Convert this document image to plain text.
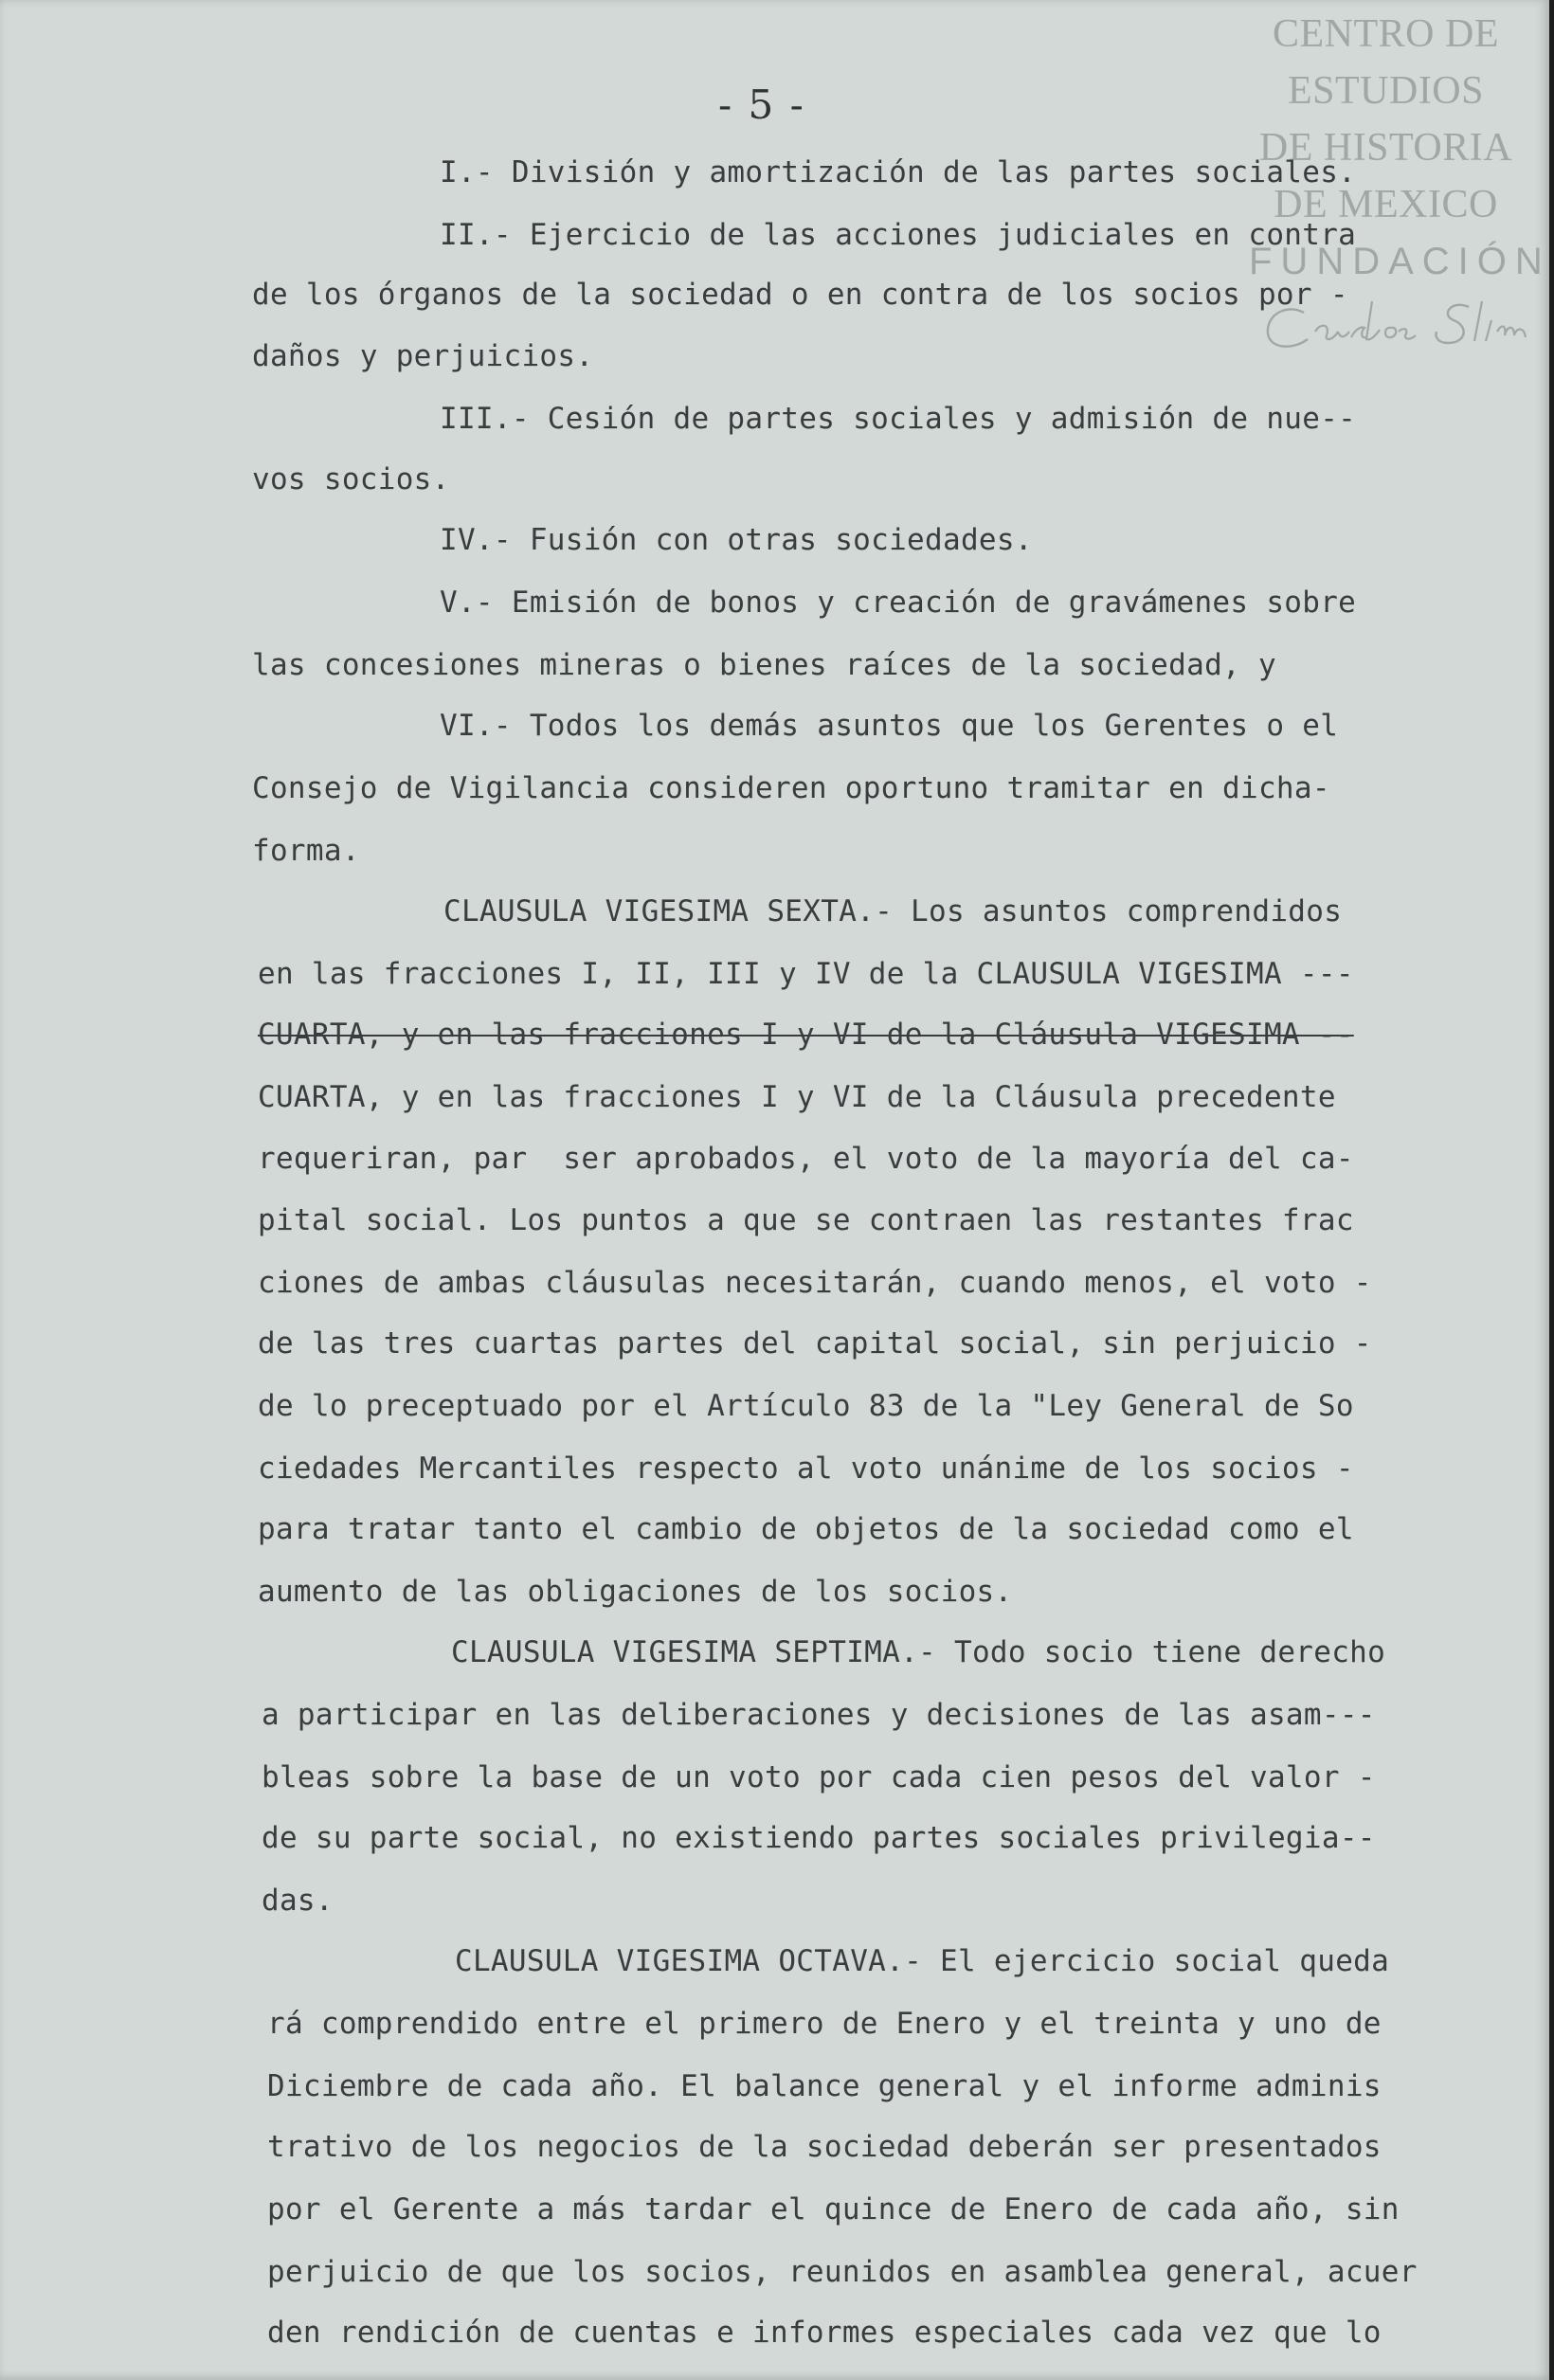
- 5 -
CENTRO DE
ESTUDIOS
DE HISTORIA
DE MEXICO
FUNDACIÓN
I.- División y amortización de las partes sociales.
II.- Ejercicio de las acciones judiciales en contra
de los órganos de la sociedad o en contra de los socios por -
daños y perjuicios.
III.- Cesión de partes sociales y admisión de nue--
vos socios.
IV.- Fusión con otras sociedades.
V.- Emisión de bonos y creación de gravámenes sobre
las concesiones mineras o bienes raíces de la sociedad, y
VI.- Todos los demás asuntos que los Gerentes o el
Consejo de Vigilancia consideren oportuno tramitar en dicha-
forma.
CLAUSULA VIGESIMA SEXTA.- Los asuntos comprendidos
en las fracciones I, II, III y IV de la CLAUSULA VIGESIMA ---
CUARTA, y en las fracciones I y VI de la Cláusula VIGESIMA --
CUARTA, y en las fracciones I y VI de la Cláusula precedente
requeriran, par  ser aprobados, el voto de la mayoría del ca-
pital social. Los puntos a que se contraen las restantes frac
ciones de ambas cláusulas necesitarán, cuando menos, el voto -
de las tres cuartas partes del capital social, sin perjuicio -
de lo preceptuado por el Artículo 83 de la "Ley General de So
ciedades Mercantiles respecto al voto unánime de los socios -
para tratar tanto el cambio de objetos de la sociedad como el
aumento de las obligaciones de los socios.
CLAUSULA VIGESIMA SEPTIMA.- Todo socio tiene derecho
a participar en las deliberaciones y decisiones de las asam---
bleas sobre la base de un voto por cada cien pesos del valor -
de su parte social, no existiendo partes sociales privilegia--
das.
CLAUSULA VIGESIMA OCTAVA.- El ejercicio social queda
rá comprendido entre el primero de Enero y el treinta y uno de
Diciembre de cada año. El balance general y el informe adminis
trativo de los negocios de la sociedad deberán ser presentados
por el Gerente a más tardar el quince de Enero de cada año, sin
perjuicio de que los socios, reunidos en asamblea general, acuer
den rendición de cuentas e informes especiales cada vez que lo
